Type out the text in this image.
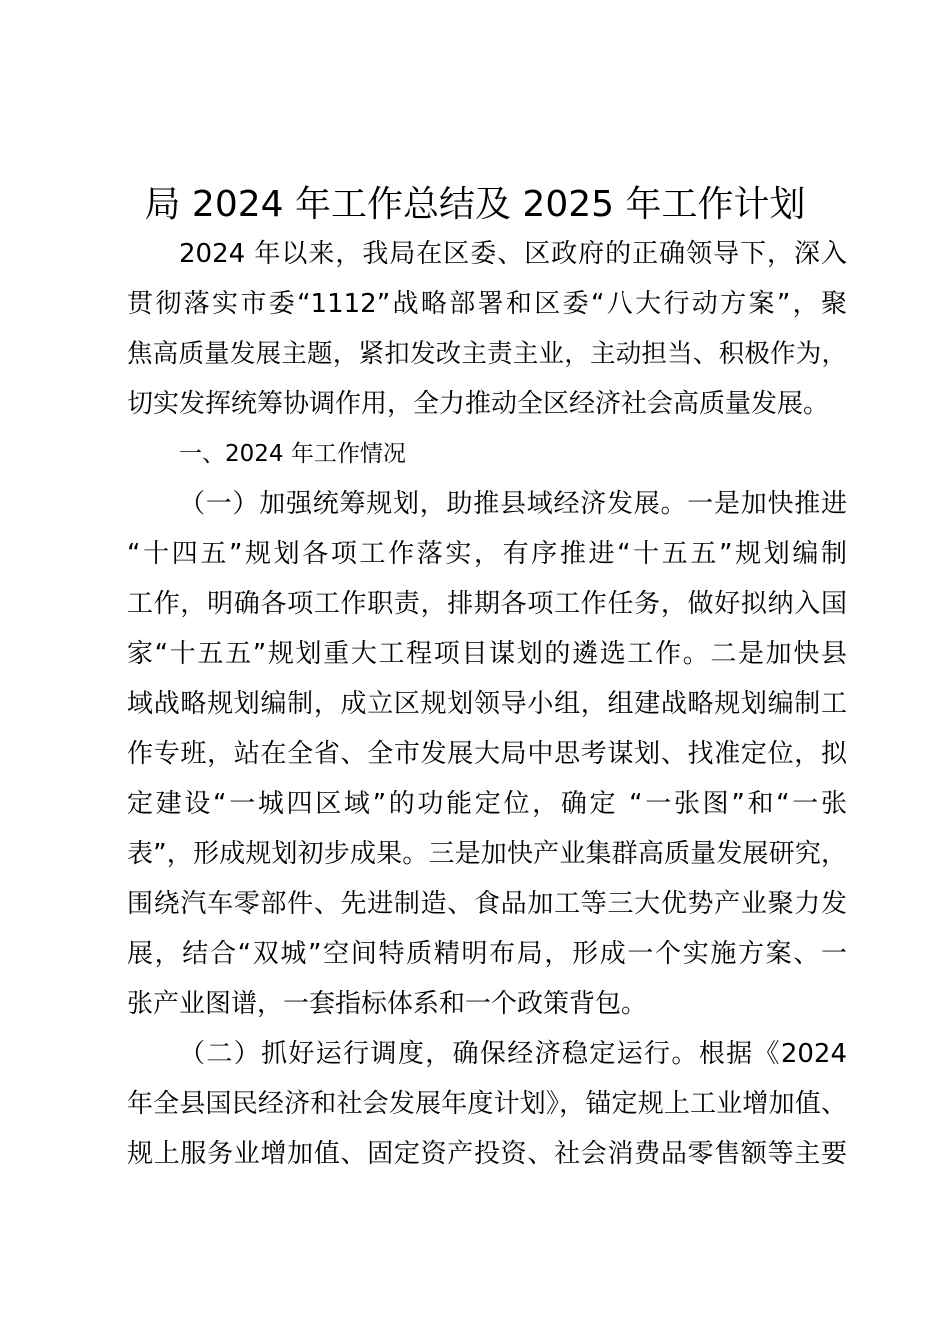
局 2024 年工作总结及 2025 年工作计划
2024 年以来，我局在区委、区政府的正确领导下，深入
贯彻落实市委“1112”战略部署和区委“八大行动方案”，聚
焦高质量发展主题，紧扣发改主责主业，主动担当、积极作为，
切实发挥统筹协调作用，全力推动全区经济社会高质量发展。
一、2024 年工作情况
（一）加强统筹规划，助推县域经济发展。一是加快推进
“十四五”规划各项工作落实，有序推进“十五五”规划编制
工作，明确各项工作职责，排期各项工作任务，做好拟纳入国
家“十五五”规划重大工程项目谋划的遴选工作。二是加快县
域战略规划编制，成立区规划领导小组，组建战略规划编制工
作专班，站在全省、全市发展大局中思考谋划、找准定位，拟
定建设“一城四区域”的功能定位，确定 “一张图”和“一张
表”，形成规划初步成果。三是加快产业集群高质量发展研究，
围绕汽车零部件、先进制造、食品加工等三大优势产业聚力发
展，结合“双城”空间特质精明布局，形成一个实施方案、一
张产业图谱，一套指标体系和一个政策背包。
（二）抓好运行调度，确保经济稳定运行。根据《2024
年全县国民经济和社会发展年度计划》，锚定规上工业增加值、
规上服务业增加值、固定资产投资、社会消费品零售额等主要
